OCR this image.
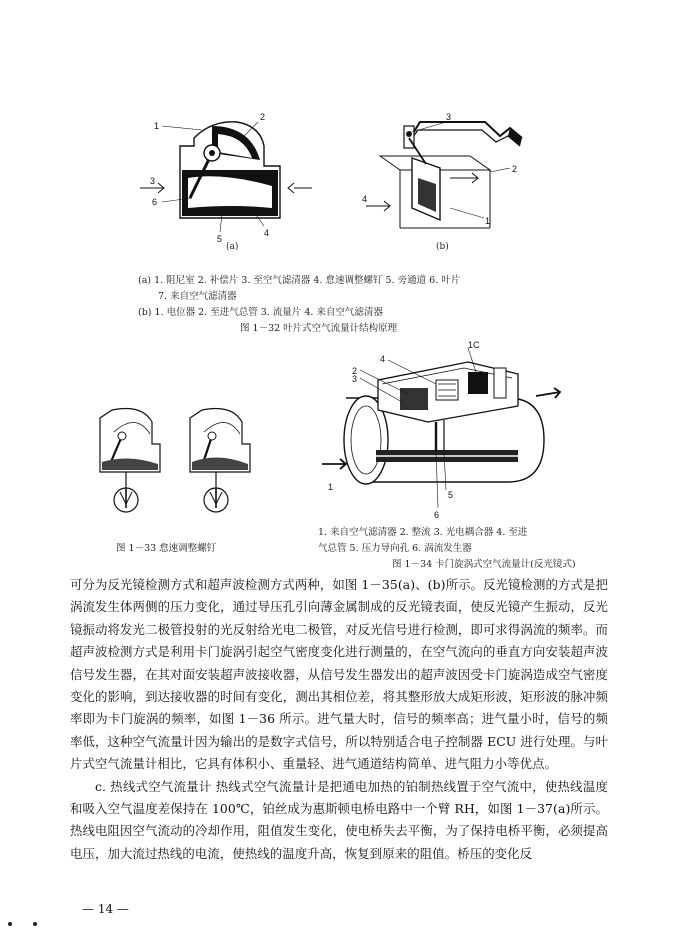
1
2
3
4
5
6
(a)
1
2
3
4
(b)
(a) 1. 阻尼室 2. 补偿片 3. 至空气滤清器 4. 怠速调整螺钉 5. 旁通道 6. 叶片
7. 来自空气滤清器
(b) 1. 电位器 2. 至进气总管 3. 流量片 4. 来自空气滤清器
图 1－32 叶片式空气流量计结构原理
图 1－33 怠速调整螺钉
1
2
3
4
5
6
1C
1. 来自空气滤清器 2. 整流 3. 光电耦合器 4. 至进
气总管 5. 压力导向孔 6. 涡流发生器
图 1－34 卡门旋涡式空气流量计(反光镜式)

可分为反光镜检测方式和超声波检测方式两种，如图 1－35(a)、(b)所示。反光镜检测的方式是把涡流发生体两侧的压力变化，通过导压孔引向薄金属制成的反光镜表面，使反光镜产生振动，反光镜振动将发光二极管投射的光反射给光电二极管，对反光信号进行检测，即可求得涡流的频率。而超声波检测方式是利用卡门旋涡引起空气密度变化进行测量的，在空气流向的垂直方向安装超声波信号发生器，在其对面安装超声波接收器，从信号发生器发出的超声波因受卡门旋涡造成空气密度变化的影响，到达接收器的时间有变化，测出其相位差，将其整形放大成矩形波，矩形波的脉冲频率即为卡门旋涡的频率，如图 1－36 所示。进气量大时，信号的频率高；进气量小时，信号的频率低，这种空气流量计因为输出的是数字式信号，所以特别适合电子控制器 ECU 进行处理。与叶片式空气流量计相比，它具有体积小、重量轻、进气通道结构简单、进气阻力小等优点。

c. 热线式空气流量计 热线式空气流量计是把通电加热的铂制热线置于空气流中，使热线温度和吸入空气温度差保持在 100℃，铂丝成为惠斯顿电桥电路中一个臂 RH，如图 1－37(a)所示。热线电阻因空气流动的冷却作用，阻值发生变化，使电桥失去平衡，为了保持电桥平衡，必须提高电压，加大流过热线的电流，使热线的温度升高，恢复到原来的阻值。桥压的变化反

— 14 —
